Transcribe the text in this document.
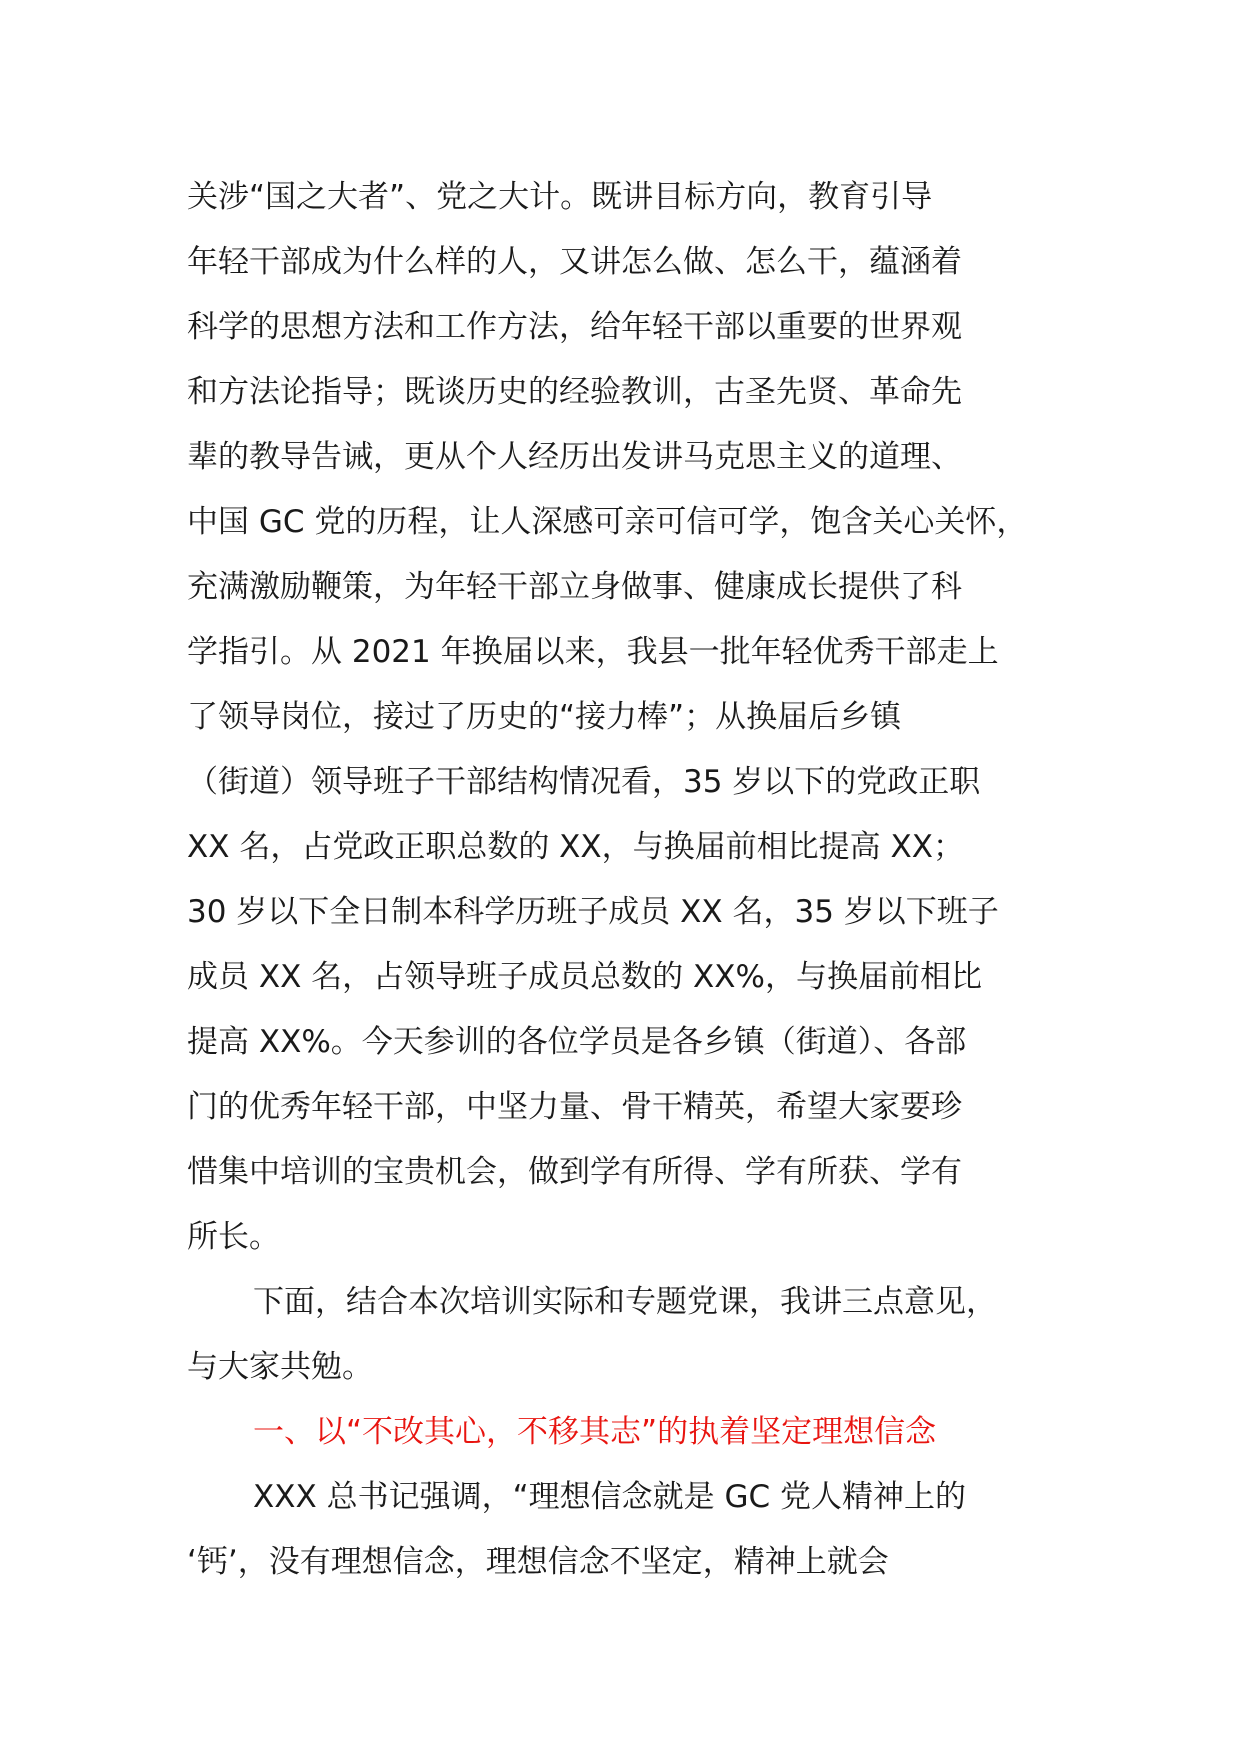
关涉“国之大者”、党之大计。既讲目标方向，教育引导
年轻干部成为什么样的人，又讲怎么做、怎么干，蕴涵着
科学的思想方法和工作方法，给年轻干部以重要的世界观
和方法论指导；既谈历史的经验教训，古圣先贤、革命先
辈的教导告诫，更从个人经历出发讲马克思主义的道理、
中国 GC 党的历程，让人深感可亲可信可学，饱含关心关怀，
充满激励鞭策，为年轻干部立身做事、健康成长提供了科
学指引。从 2021 年换届以来，我县一批年轻优秀干部走上
了领导岗位，接过了历史的“接力棒”；从换届后乡镇
（街道）领导班子干部结构情况看，35 岁以下的党政正职
XX 名，占党政正职总数的 XX，与换届前相比提高 XX；
30 岁以下全日制本科学历班子成员 XX 名，35 岁以下班子
成员 XX 名，占领导班子成员总数的 XX%，与换届前相比
提高 XX%。今天参训的各位学员是各乡镇（街道）、各部
门的优秀年轻干部，中坚力量、骨干精英，希望大家要珍
惜集中培训的宝贵机会，做到学有所得、学有所获、学有
所长。
下面，结合本次培训实际和专题党课，我讲三点意见，
与大家共勉。
一、以“不改其心，不移其志”的执着坚定理想信念
XXX 总书记强调，“理想信念就是 GC 党人精神上的
‘钙’，没有理想信念，理想信念不坚定，精神上就会
